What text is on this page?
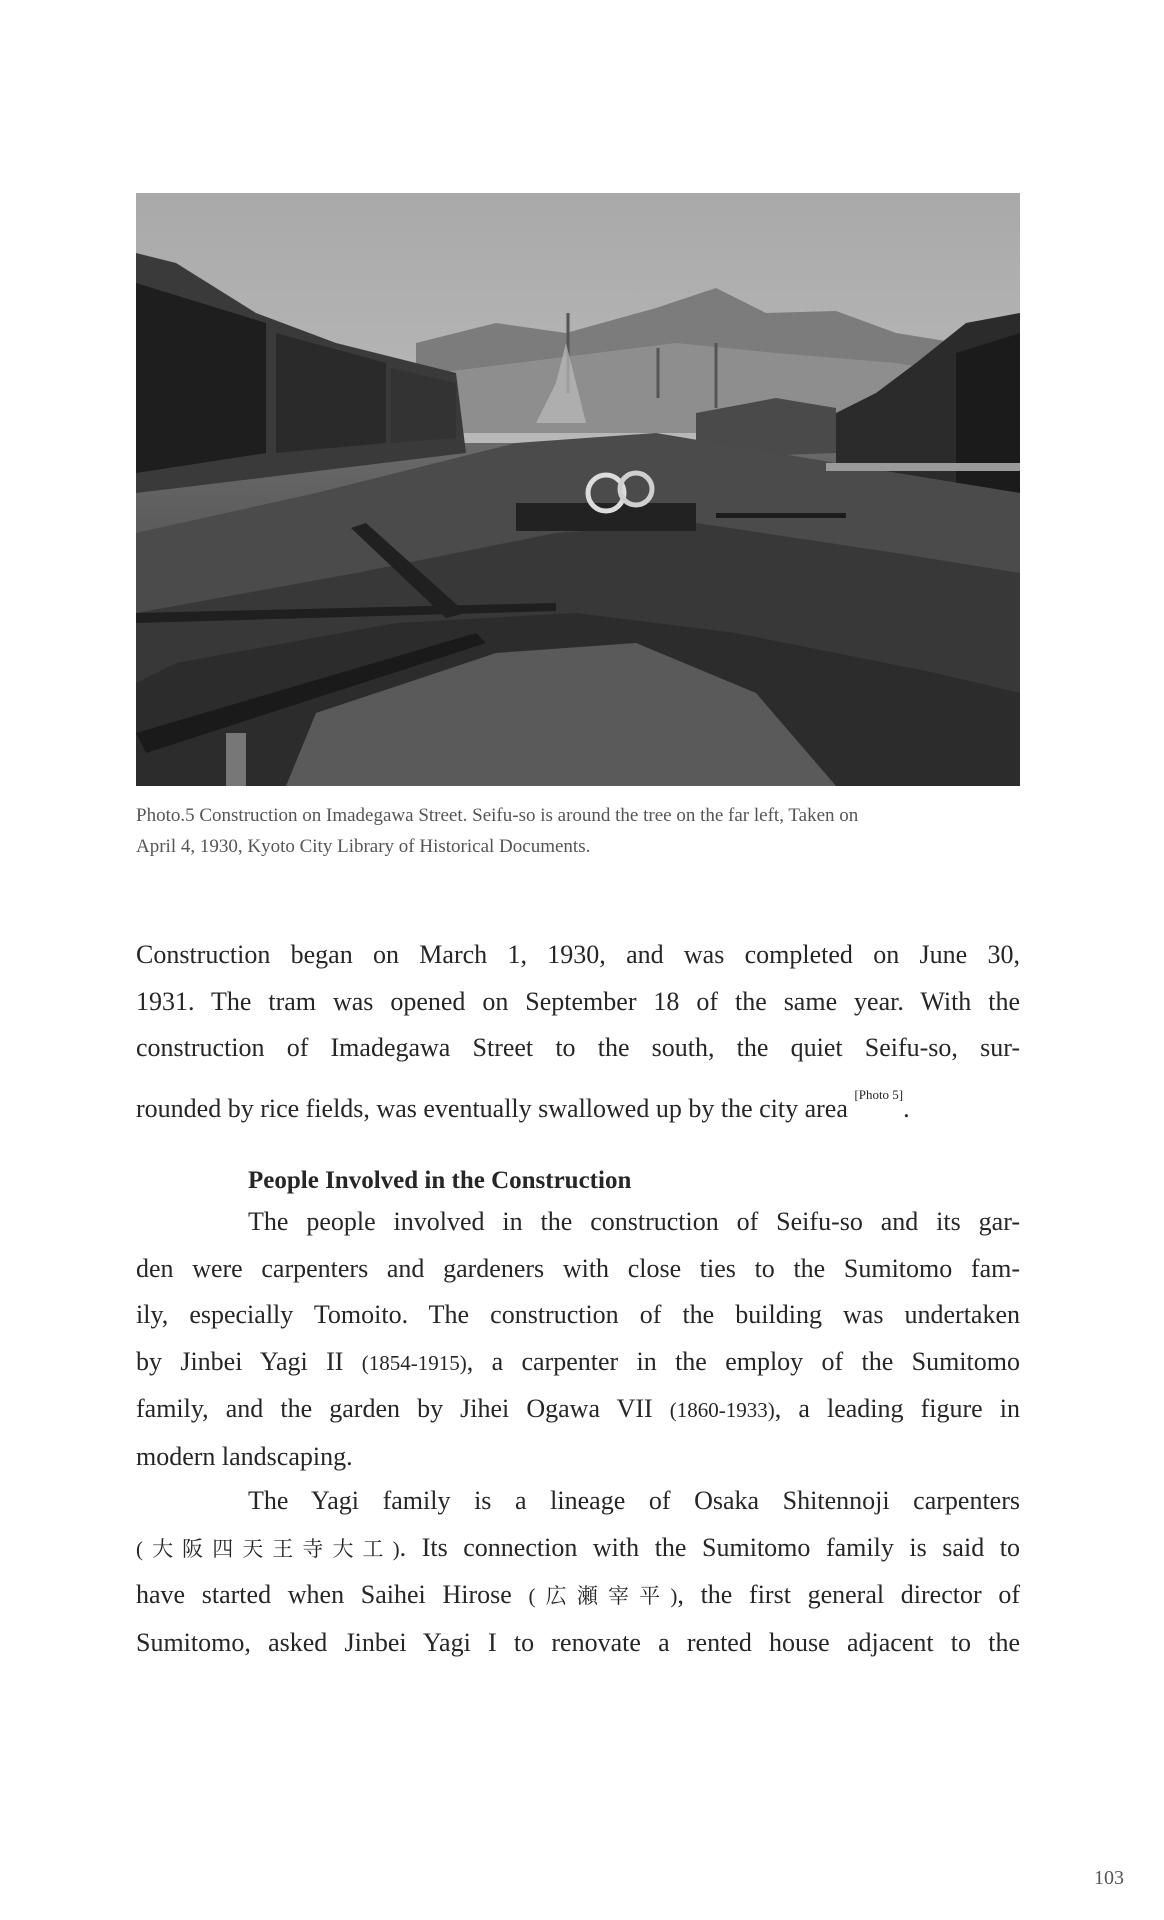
Photo.5 Construction on Imadegawa Street. Seifu-so is around the tree on the far left, Taken on

April 4, 1930, Kyoto City Library of Historical Documents.

Construction began on March 1, 1930, and was completed on June 30,
1931. The tram was opened on September 18 of the same year. With the
construction of Imadegawa Street to the south, the quiet Seifu-so, sur-
rounded by rice fields, was eventually swallowed up by the city area [Photo 5].
People Involved in the Construction
The people involved in the construction of Seifu-so and its gar-
den were carpenters and gardeners with close ties to the Sumitomo fam-
ily, especially Tomoito. The construction of the building was undertaken
by Jinbei Yagi II (1854-1915), a carpenter in the employ of the Sumitomo
family, and the garden by Jihei Ogawa VII (1860-1933), a leading figure in
modern landscaping.
The Yagi family is a lineage of Osaka Shitennoji carpenters
(大阪四天王寺大工). Its connection with the Sumitomo family is said to
have started when Saihei Hirose (広瀬宰平), the first general director of
Sumitomo, asked Jinbei Yagi I to renovate a rented house adjacent to the
103
